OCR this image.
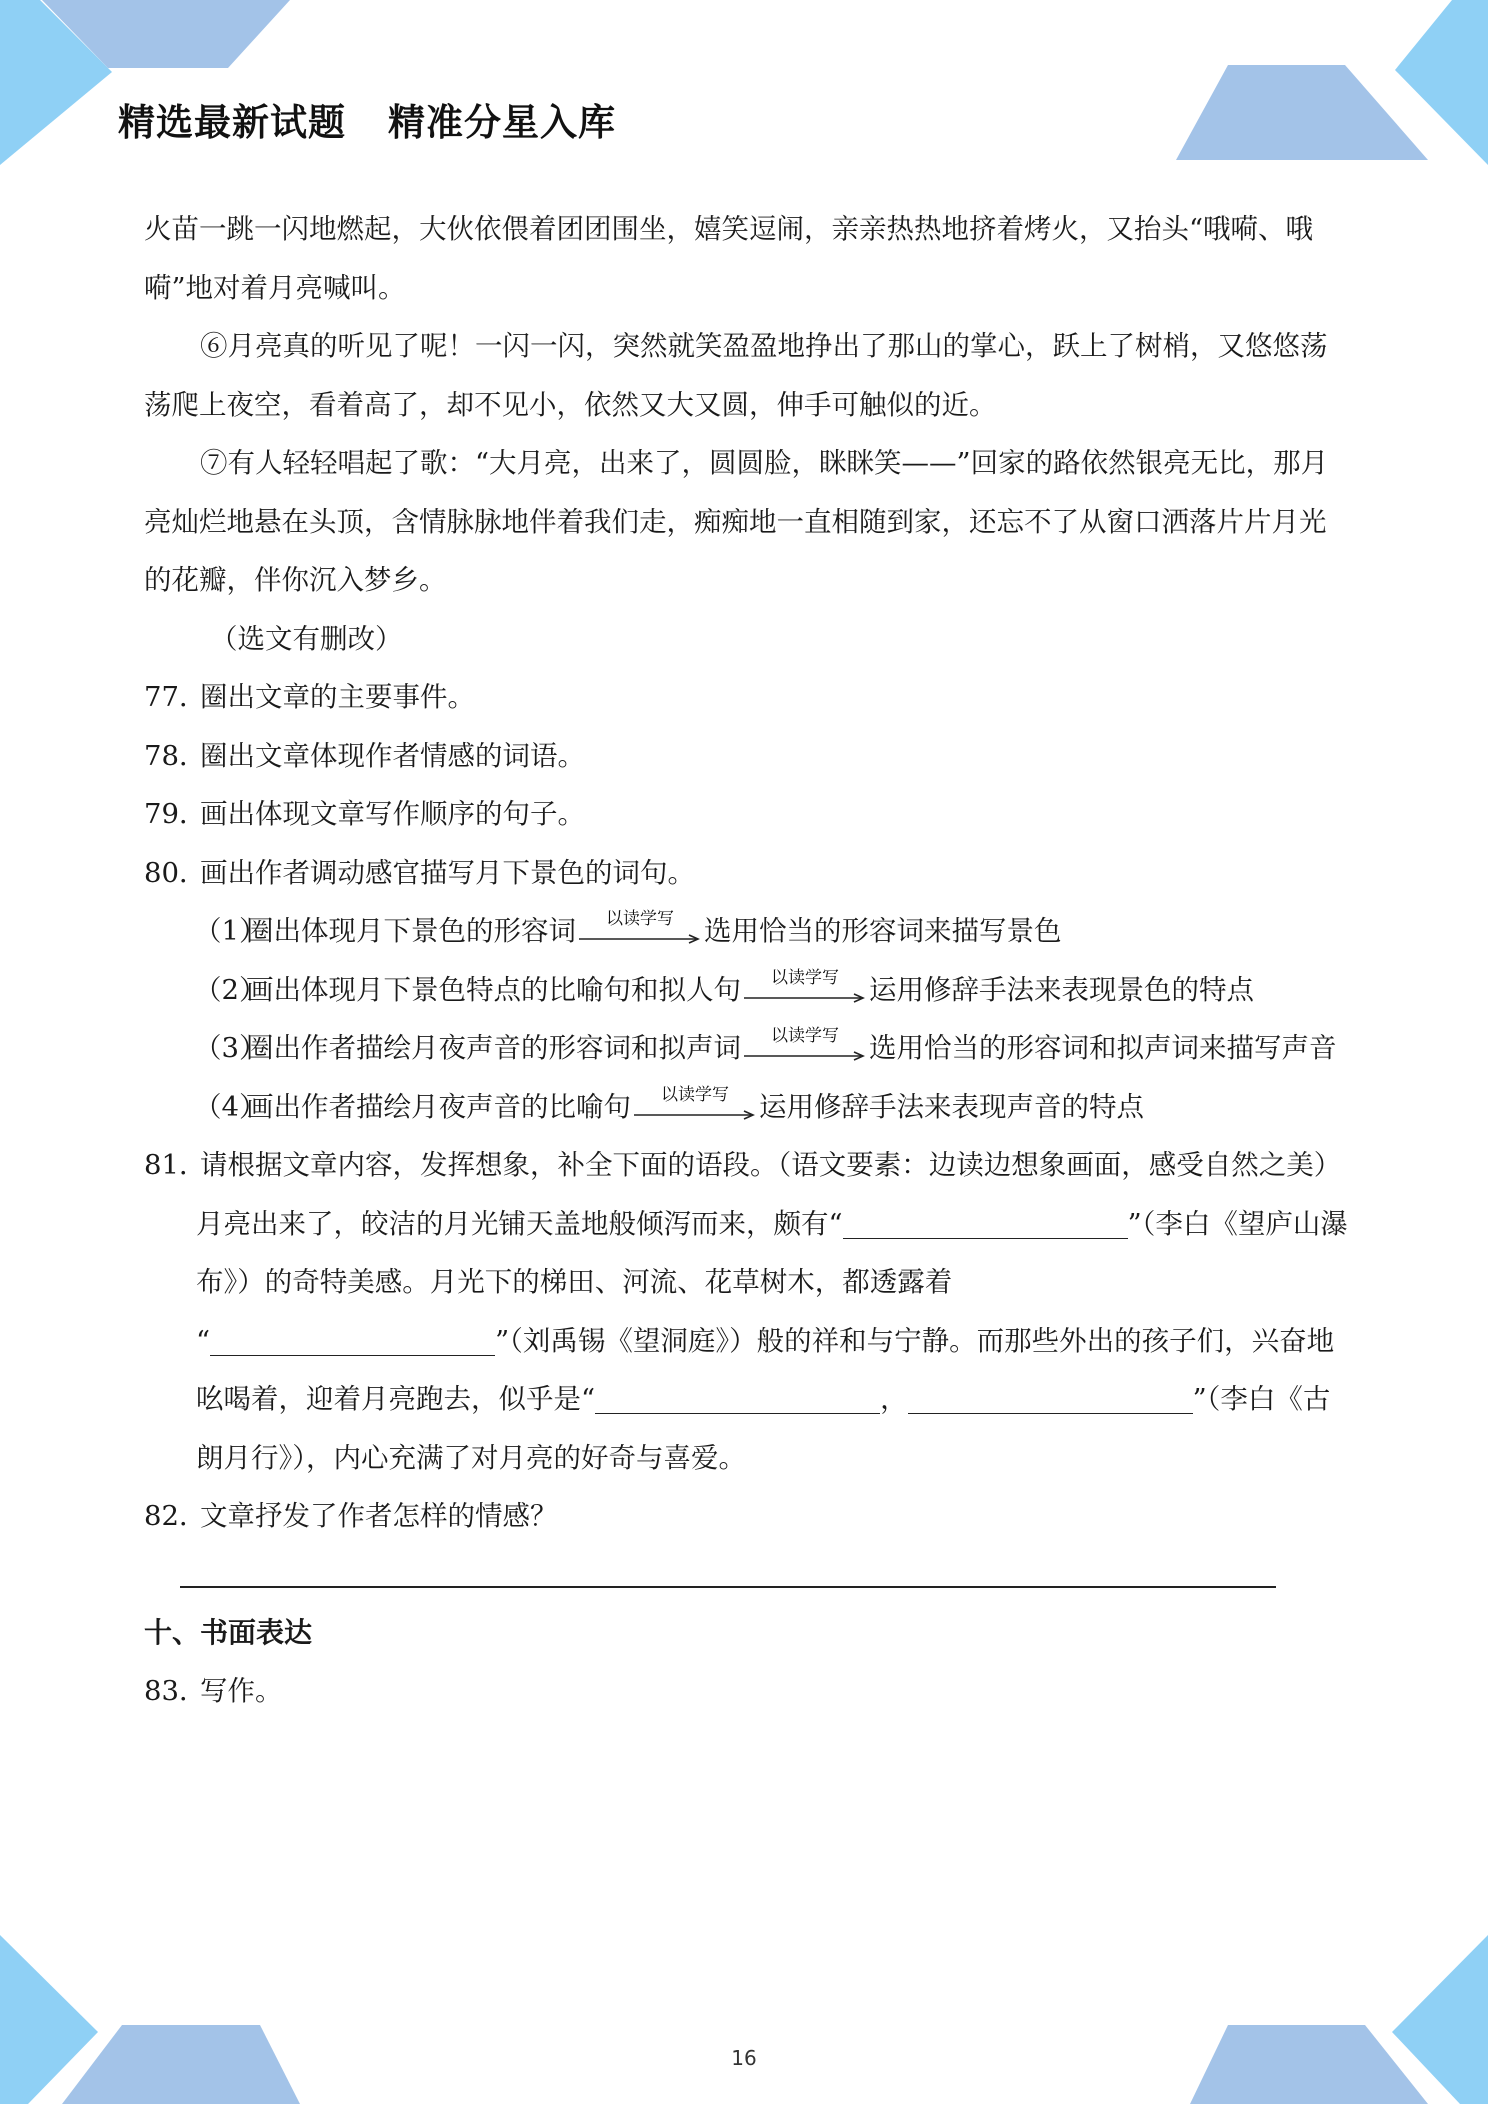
精选最新试题 精准分星入库

火苗一跳一闪地燃起，大伙依偎着团团围坐，嬉笑逗闹，亲亲热热地挤着烤火，又抬头“哦嗬、哦嗬”地对着月亮喊叫。

⑥月亮真的听见了呢！一闪一闪，突然就笑盈盈地挣出了那山的掌心，跃上了树梢，又悠悠荡荡爬上夜空，看着高了，却不见小，依然又大又圆，伸手可触似的近。

⑦有人轻轻唱起了歌：“大月亮，出来了，圆圆脸，眯眯笑——”回家的路依然银亮无比，那月亮灿烂地悬在头顶，含情脉脉地伴着我们走，痴痴地一直相随到家，还忘不了从窗口洒落片片月光的花瓣，伴你沉入梦乡。

（选文有删改）

77．
圈出文章的主要事件。
78．
圈出文章体现作者情感的词语。
79．
画出体现文章写作顺序的句子。
80．
画出作者调动感官描写月下景色的词句。
（1）
圈出体现月下景色的形容词	以读学写	选用恰当的形容词来描写景色
（2）
画出体现月下景色特点的比喻句和拟人句	以读学写	运用修辞手法来表现景色的特点
（3）
圈出作者描绘月夜声音的形容词和拟声词	以读学写	选用恰当的形容词和拟声词来描写声音
（4）
画出作者描绘月夜声音的比喻句	以读学写	运用修辞手法来表现声音的特点
81．
请根据文章内容，发挥想象，补全下面的语段。（语文要素：边读边想象画面，感受自然之美）
月亮出来了，皎洁的月光铺天盖地般倾泻而来，颇有“	”（李白《望庐山瀑布》）的奇特美感。月光下的梯田、河流、花草树木，都透露着
“	”（刘禹锡《望洞庭》）般的祥和与宁静。而那些外出的孩子们，兴奋地吆喝着，迎着月亮跑去，似乎是“	，	”（李白《古朗月行》），内心充满了对月亮的好奇与喜爱。
82．
文章抒发了作者怎样的情感？
十、书面表达
83．
写作。
16
